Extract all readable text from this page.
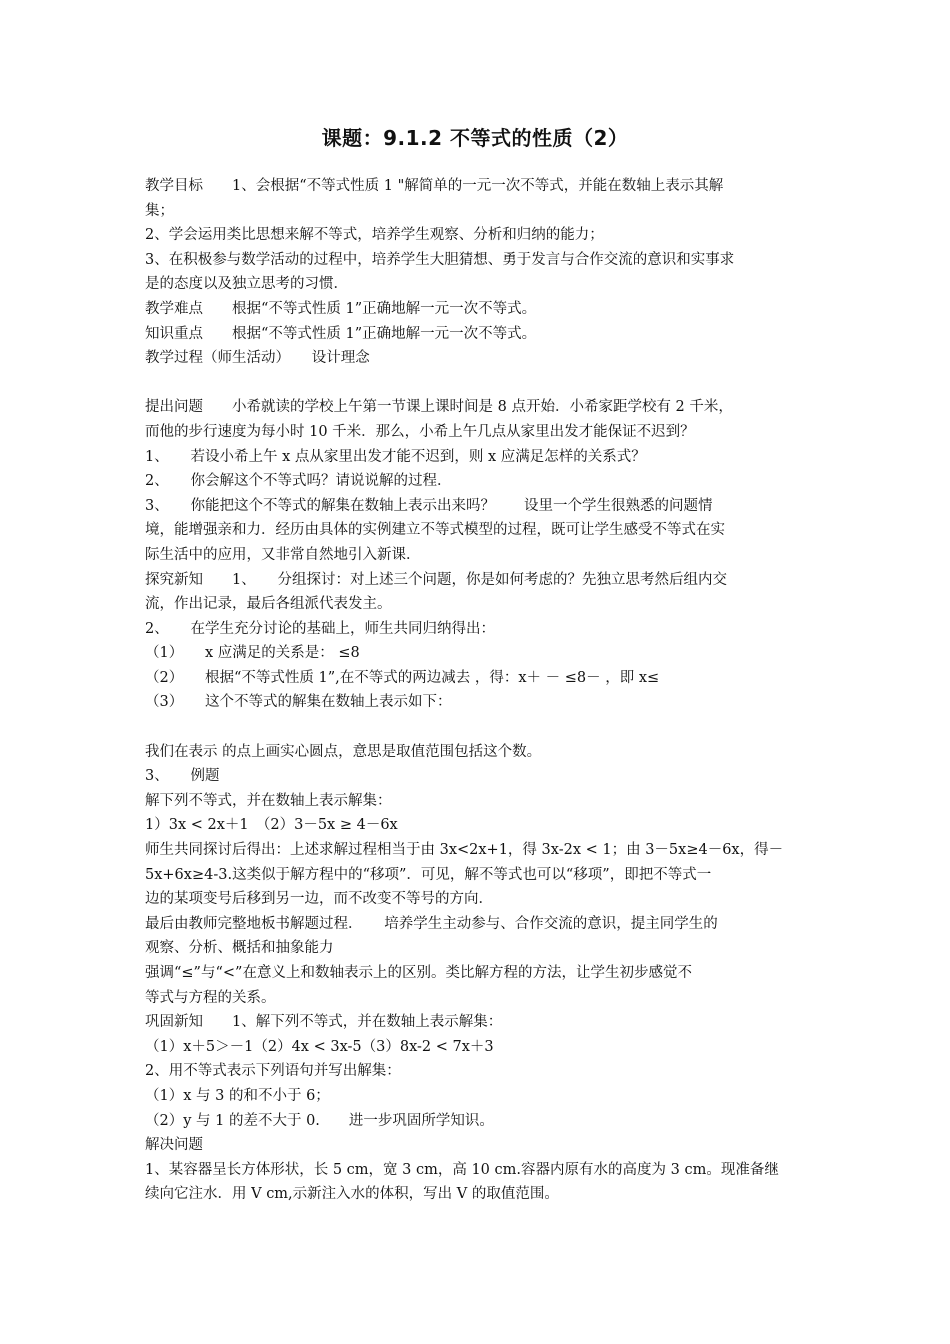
课题：9.1.2 不等式的性质（2）

教学目标　　1、会根据“不等式性质 1 "解简单的一元一次不等式，并能在数轴上表示其解

集；

2、学会运用类比思想来解不等式，培养学生观察、分析和归纳的能力；

3、在积极参与数学活动的过程中，培养学生大胆猜想、勇于发言与合作交流的意识和实事求

是的态度以及独立思考的习惯．

教学难点　　根据“不等式性质 1”正确地解一元一次不等式。

知识重点　　根据“不等式性质 1”正确地解一元一次不等式。

教学过程（师生活动）　　设计理念

提出问题　　小希就读的学校上午第一节课上课时间是 8 点开始．小希家距学校有 2 千米，

而他的步行速度为每小时 10 千米．那么，小希上午几点从家里出发才能保证不迟到？

1、　　若设小希上午 x 点从家里出发才能不迟到，则 x 应满足怎样的关系式？

2、　　你会解这个不等式吗？请说说解的过程．

3、　　你能把这个不等式的解集在数轴上表示出来吗？　　设里一个学生很熟悉的问题情

境，能增强亲和力．经历由具体的实例建立不等式模型的过程，既可让学生感受不等式在实

际生活中的应用，又非常自然地引入新课．

探究新知　　1、　　分组探讨：对上述三个问题，你是如何考虑的？先独立思考然后组内交

流，作出记录，最后各组派代表发主。

2、　　在学生充分讨论的基础上，师生共同归纳得出：

（1）　　x 应满足的关系是： ≤8

（2）　　根据“不等式性质 1”,在不等式的两边减去 ，得：x＋ － ≤8－ ，即 x≤

（3）　　这个不等式的解集在数轴上表示如下：

我们在表示 的点上画实心圆点，意思是取值范围包括这个数。

3、　　例题

解下列不等式，并在数轴上表示解集：

1）3x < 2x＋1　（2）3－5x ≥ 4－6x

师生共同探讨后得出：上述求解过程相当于由 3x<2x+1，得 3x-2x < 1；由 3－5x≥4－6x，得－

5x+6x≥4-3.这类似于解方程中的“移项”．可见，解不等式也可以“移项”，即把不等式一

边的某项变号后移到另一边，而不改变不等号的方向．

最后由教师完整地板书解题过程．　　培养学生主动参与、合作交流的意识，提主同学生的

观察、分析、概括和抽象能力

强调“≤”与“<”在意义上和数轴表示上的区别。类比解方程的方法，让学生初步感觉不

等式与方程的关系。

巩固新知　　1、解下列不等式，并在数轴上表示解集：

（1）x＋5＞－1（2）4x < 3x-5（3）8x-2 < 7x＋3

2、用不等式表示下列语句并写出解集：

（1）x 与 3 的和不小于 6；

（2）y 与 1 的差不大于 0.　　进一步巩固所学知识。

解决问题

1、某容器呈长方体形状，长 5 cm，宽 3 cm，高 10 cm.容器内原有水的高度为 3 cm。现准备继

续向它注水．用 V cm,示新注入水的体积，写出 V 的取值范围。
